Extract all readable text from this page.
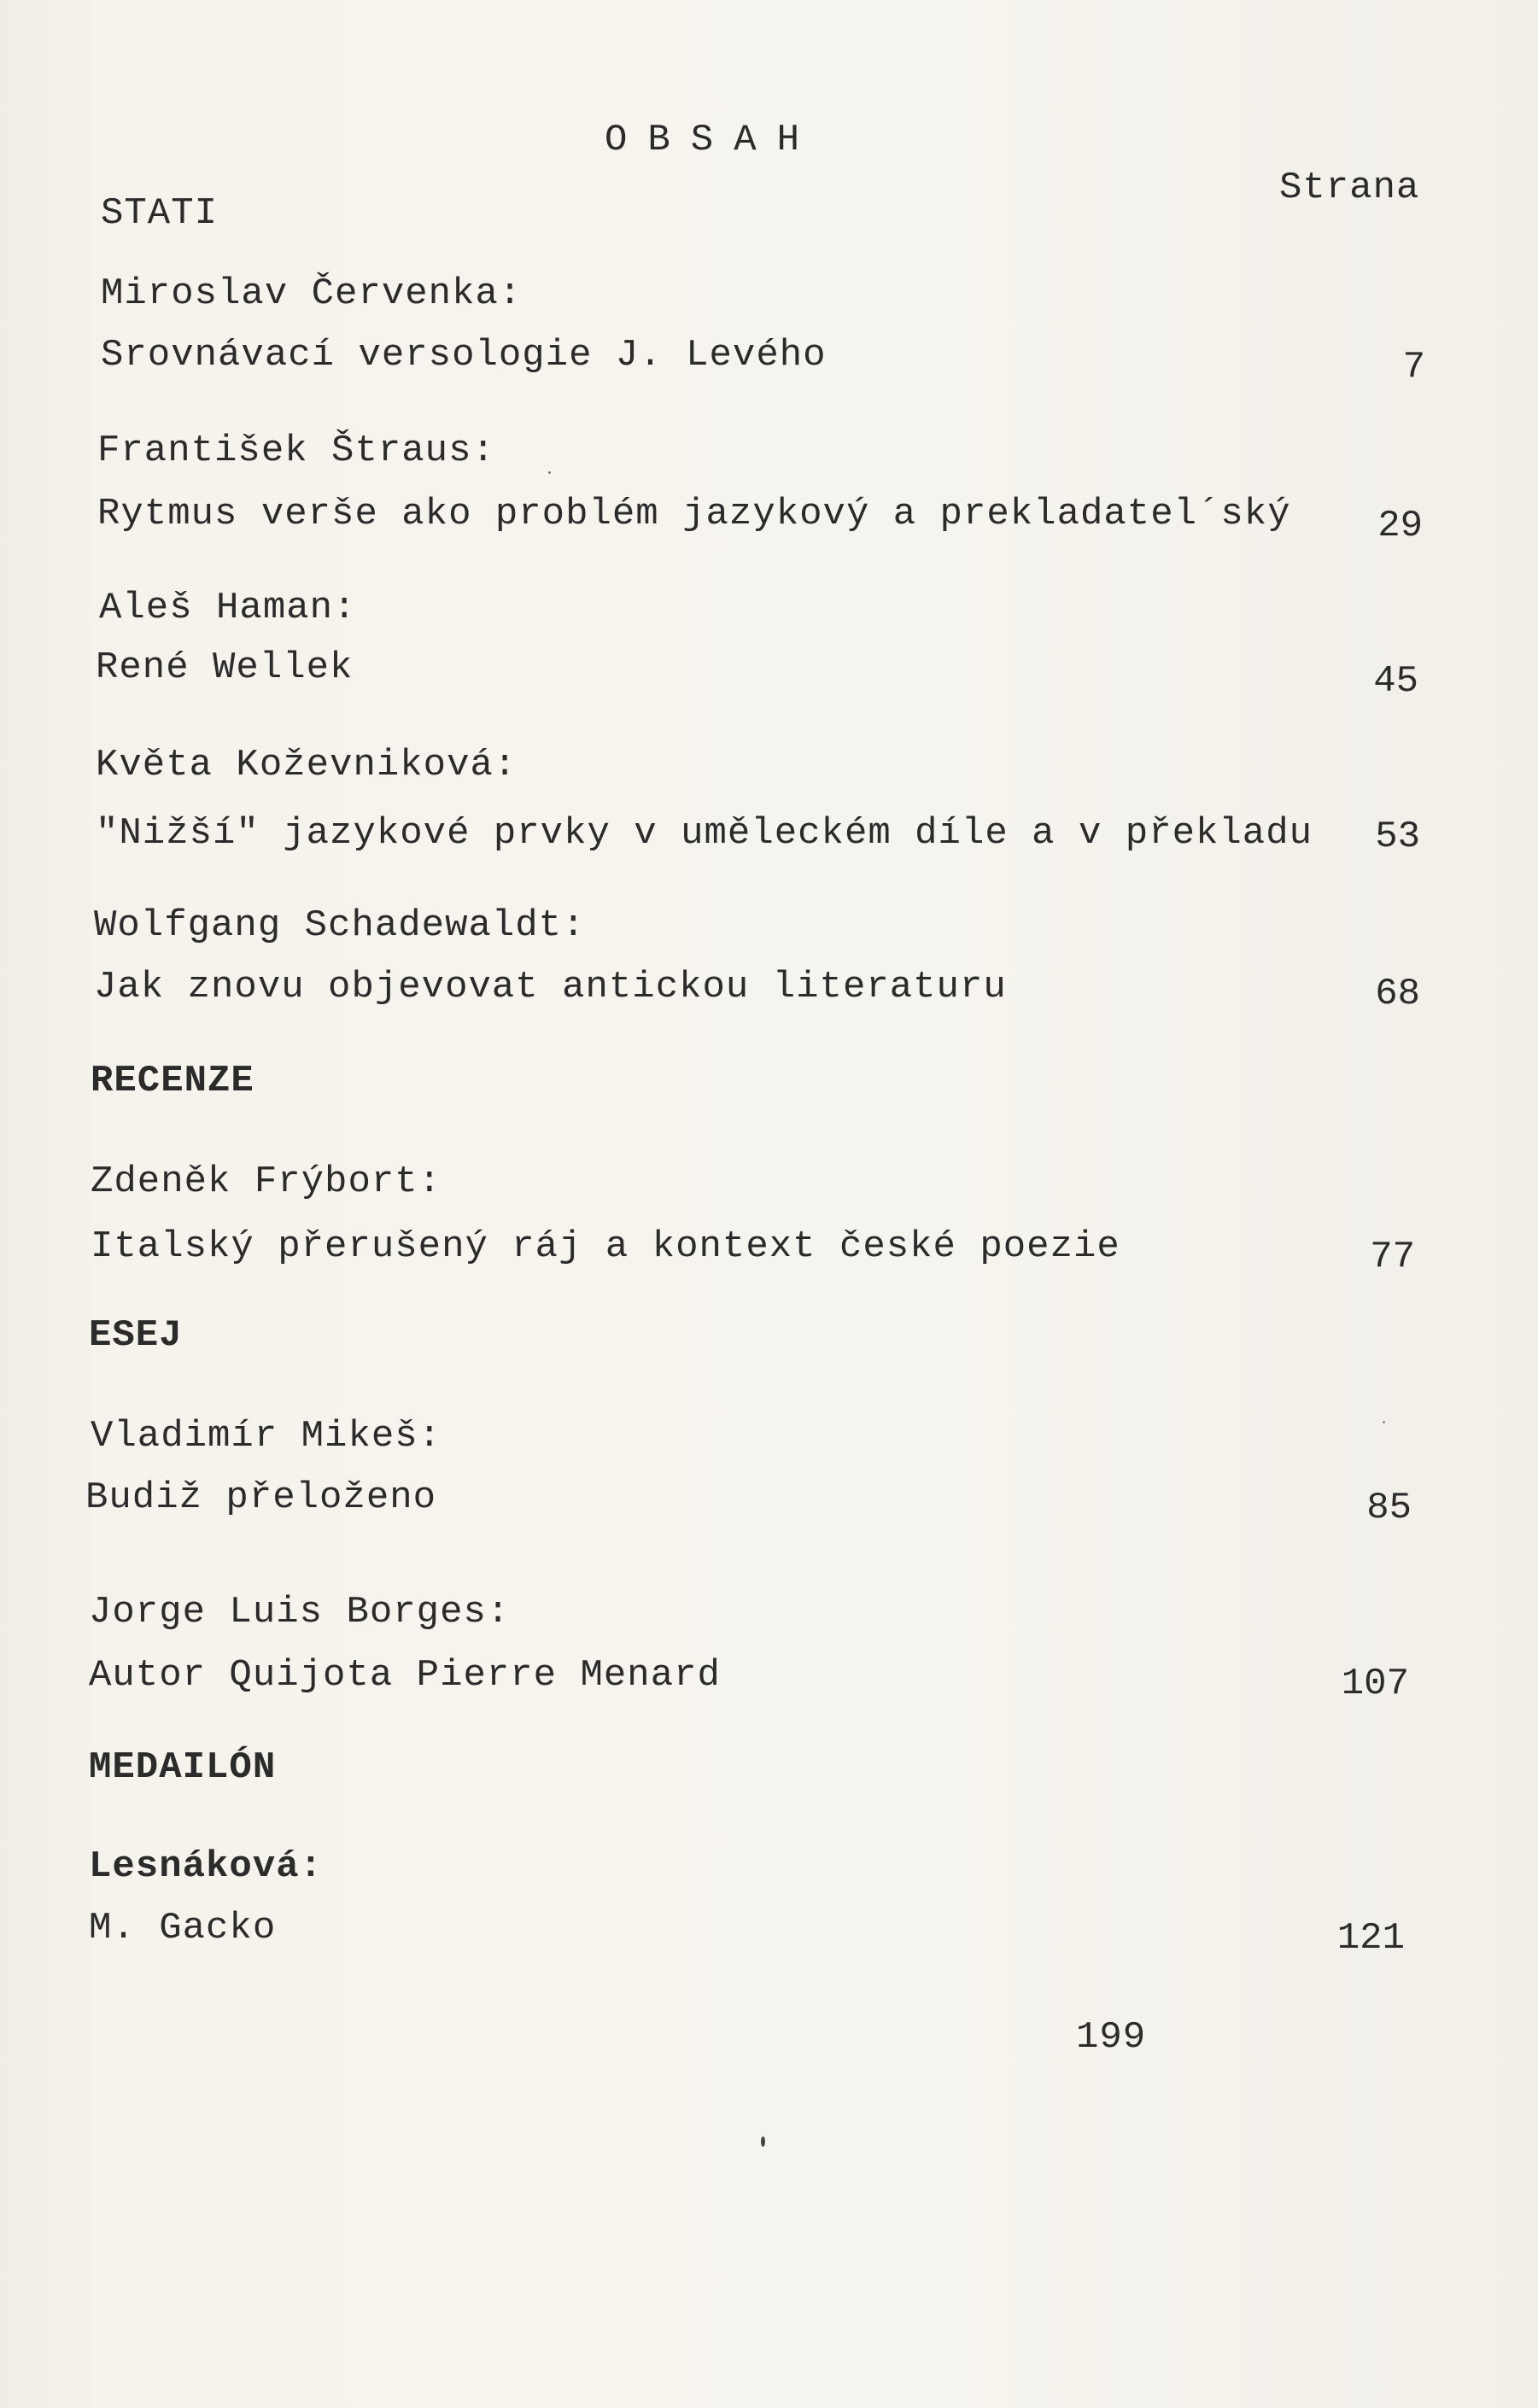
OBSAH
Strana
STATI
Miroslav Červenka:
Srovnávací versologie J. Levého	7
František Štraus:
Rytmus verše ako problém jazykový a prekladatel´ský 29
Aleš Haman:
René Wellek	45
Květa Koževniková:
"Nižší" jazykové prvky v uměleckém díle a v překladu 53
Wolfgang Schadewaldt:
Jak znovu objevovat antickou literaturu	68
RECENZE
Zdeněk Frýbort:
Italský přerušený ráj a kontext české poezie	77
ESEJ
Vladimír Mikeš:
Budiž přeloženo	85
Jorge Luis Borges:
Autor Quijota Pierre Menard	107
MEDAILÓN
Lesnáková:
M. Gacko	121
199
